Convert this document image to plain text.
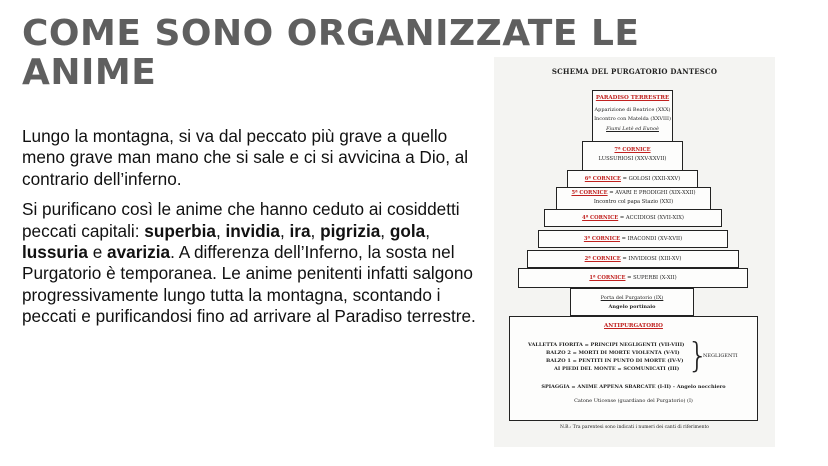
COME SONO ORGANIZZATE LE ANIME

Lungo la montagna, si va dal peccato più grave a quello meno grave man mano che si sale e ci si avvicina a Dio, al contrario dell’inferno.

Si purificano così le anime che hanno ceduto ai cosiddetti peccati capitali: superbia, invidia, ira, pigrizia, gola, lussuria e avarizia. A differenza dell’Inferno, la sosta nel Purgatorio è temporanea. Le anime penitenti infatti salgono progressivamente lungo tutta la montagna, scontando i peccati e purificandosi fino ad arrivare al Paradiso terrestre.

SCHEMA DEL PURGATORIO DANTESCO
PARADISO TERRESTRE
Apparizione di Beatrice (XXX)
Incontro con Matelda (XXVIII)
Fiumi Letè ed Eunoè
7ª CORNICE
LUSSURIOSI (XXV-XXVII)
6ª CORNICE = GOLOSI (XXII-XXV)
5ª CORNICE = AVARI E PRODIGHI (XIX-XXII)
Incontro col papa Stazio (XXI)
4ª CORNICE = ACCIDIOSI (XVII-XIX)
3ª CORNICE = IRACONDI (XV-XVII)
2ª CORNICE = INVIDIOSI (XIII-XV)
1ª CORNICE = SUPERBI (X-XII)
Porta del Purgatorio (IX)
Angelo portinaio
ANTIPURGATORIO
VALLETTA FIORITA = PRINCIPI NEGLIGENTI (VII-VIII)
BALZO 2 = MORTI DI MORTE VIOLENTA (V-VI)
BALZO 1 = PENTITI IN PUNTO DI MORTE (IV-V)
AI PIEDI DEL MONTE = SCOMUNICATI (III) }
NEGLIGENTI
SPIAGGIA = ANIME APPENA SBARCATE (I-II) - Angelo nocchiero
Catone Uticense (guardiano del Purgatorio) (I)
N.B.: Tra parentesi sono indicati i numeri dei canti di riferimento
